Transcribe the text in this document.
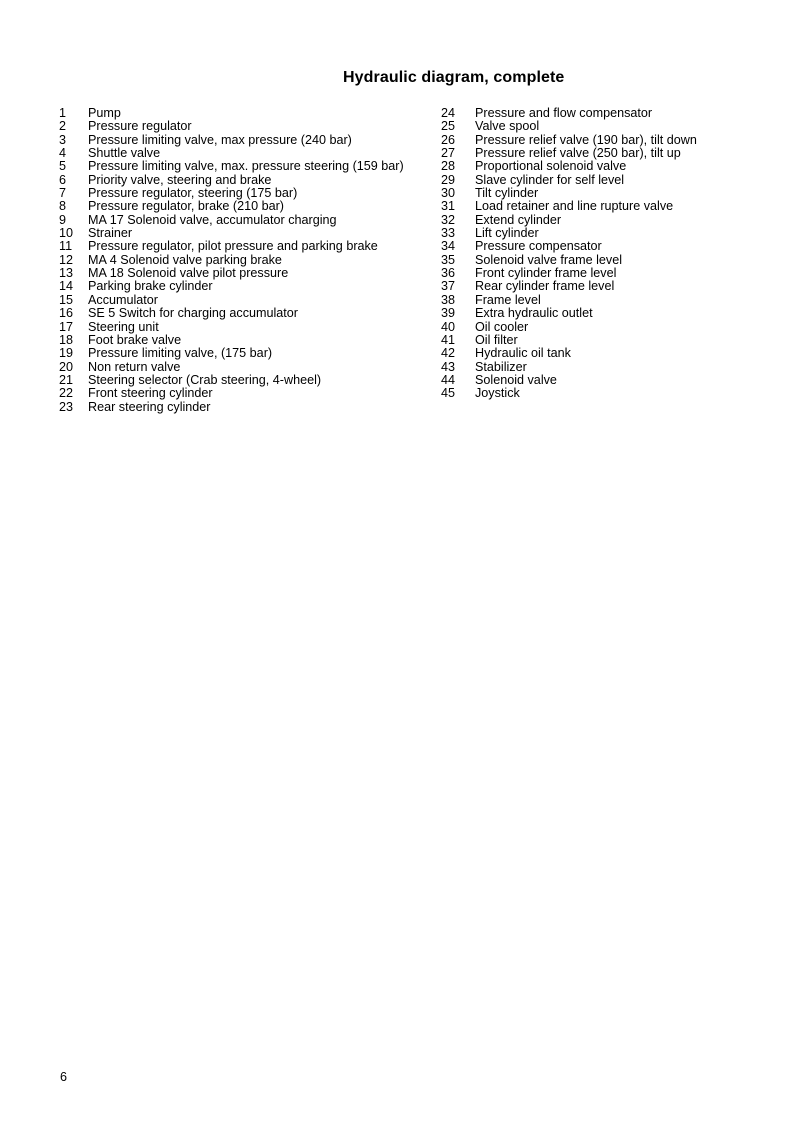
Hydraulic diagram, complete
1	Pump
2	Pressure regulator
3	Pressure limiting valve, max pressure (240 bar)
4	Shuttle valve
5	Pressure limiting valve, max. pressure steering (159 bar)
6	Priority valve, steering and brake
7	Pressure regulator, steering (175 bar)
8	Pressure regulator, brake (210 bar)
9	MA 17 Solenoid valve, accumulator charging
10	Strainer
11	Pressure regulator, pilot pressure and parking brake
12	MA 4 Solenoid valve parking brake
13	MA 18 Solenoid valve pilot pressure
14	Parking brake cylinder
15	Accumulator
16	SE 5 Switch for charging accumulator
17	Steering unit
18	Foot brake valve
19	Pressure limiting valve, (175 bar)
20	Non return valve
21	Steering selector (Crab steering, 4-wheel)
22	Front steering cylinder
23	Rear steering cylinder
24	Pressure and flow compensator
25	Valve spool
26	Pressure relief valve (190 bar), tilt down
27	Pressure relief valve (250 bar), tilt up
28	Proportional solenoid valve
29	Slave cylinder for self level
30	Tilt cylinder
31	Load retainer and line rupture valve
32	Extend cylinder
33	Lift cylinder
34	Pressure compensator
35	Solenoid valve frame level
36	Front cylinder frame level
37	Rear cylinder frame level
38	Frame level
39	Extra hydraulic outlet
40	Oil cooler
41	Oil filter
42	Hydraulic oil tank
43	Stabilizer
44	Solenoid valve
45	Joystick
6
